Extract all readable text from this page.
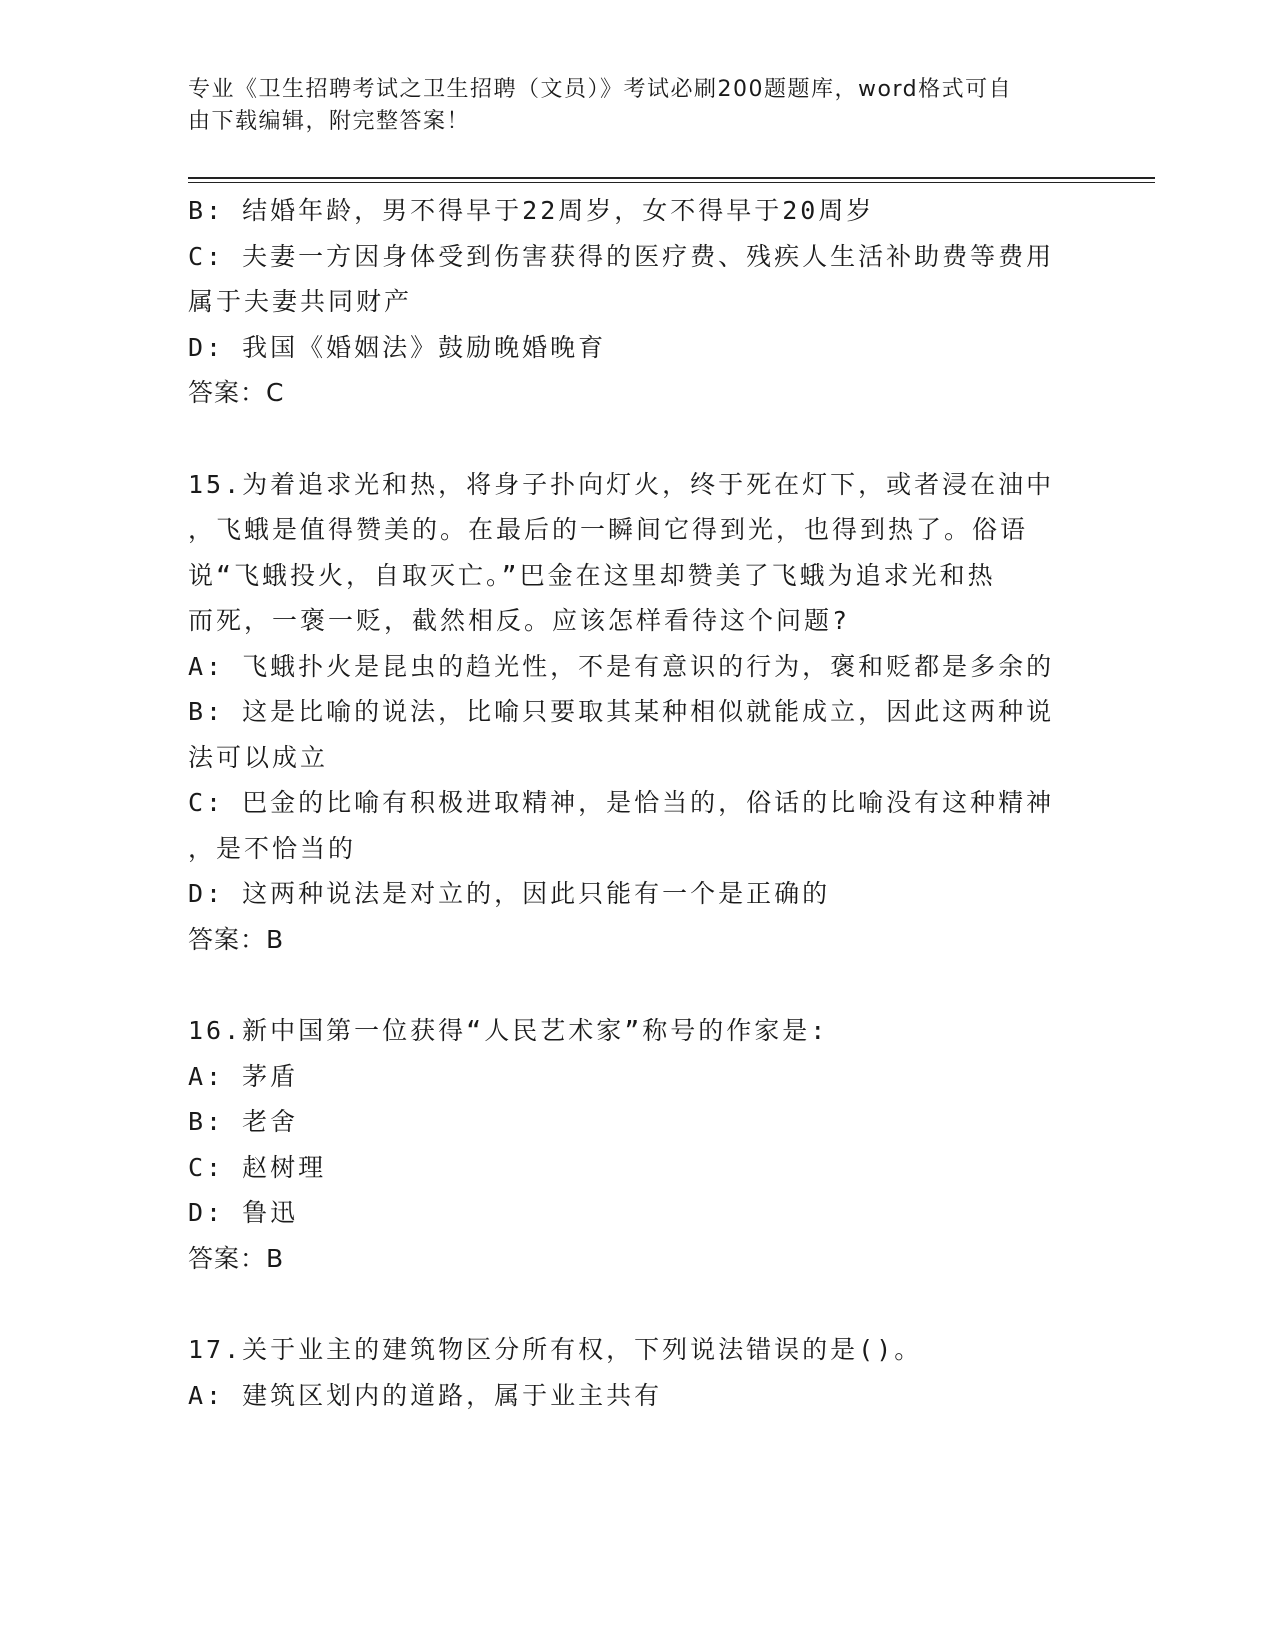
专业《卫生招聘考试之卫生招聘（文员）》考试必刷200题题库，word格式可自
由下载编辑，附完整答案！
B: 结婚年龄，男不得早于22周岁，女不得早于20周岁
C: 夫妻一方因身体受到伤害获得的医疗费、残疾人生活补助费等费用
属于夫妻共同财产
D: 我国《婚姻法》鼓励晚婚晚育
答案：C
15.为着追求光和热，将身子扑向灯火，终于死在灯下，或者浸在油中
，飞蛾是值得赞美的。在最后的一瞬间它得到光，也得到热了。俗语
说“飞蛾投火，自取灭亡。”巴金在这里却赞美了飞蛾为追求光和热
而死，一褒一贬，截然相反。应该怎样看待这个问题?
A: 飞蛾扑火是昆虫的趋光性，不是有意识的行为，褒和贬都是多余的
B: 这是比喻的说法，比喻只要取其某种相似就能成立，因此这两种说
法可以成立
C: 巴金的比喻有积极进取精神，是恰当的，俗话的比喻没有这种精神
，是不恰当的
D: 这两种说法是对立的，因此只能有一个是正确的
答案：B
16.新中国第一位获得“人民艺术家”称号的作家是:
A: 茅盾
B: 老舍
C: 赵树理
D: 鲁迅
答案：B
17.关于业主的建筑物区分所有权，下列说法错误的是()。
A: 建筑区划内的道路，属于业主共有
